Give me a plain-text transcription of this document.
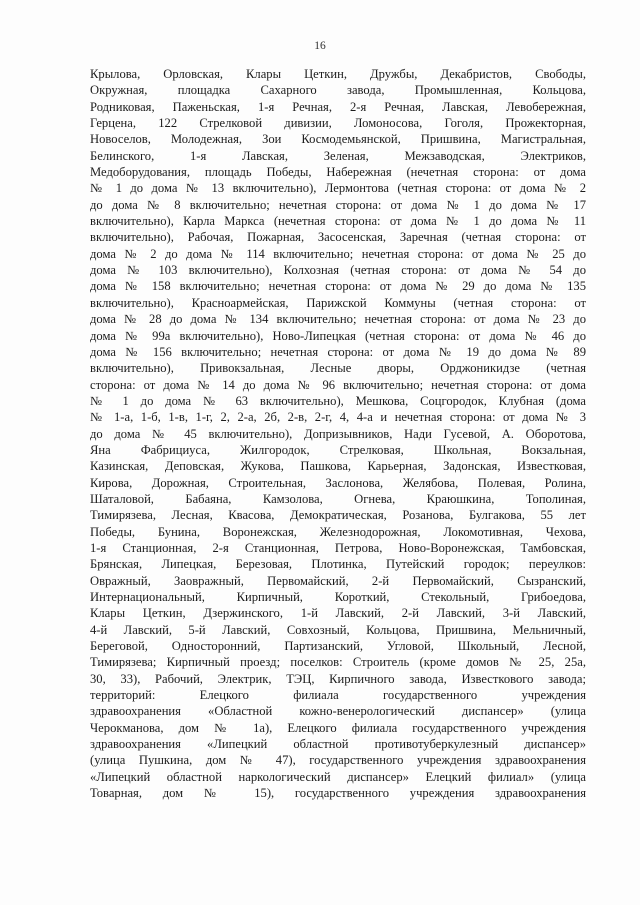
16
Крылова, Орловская, Клары Цеткин, Дружбы, Декабристов, Свободы,
Окружная, площадка Сахарного завода, Промышленная, Кольцова,
Родниковая, Паженьская, 1-я Речная, 2-я Речная, Лавская, Левобережная,
Герцена, 122 Стрелковой дивизии, Ломоносова, Гоголя, Прожекторная,
Новоселов, Молодежная, Зои Космодемьянской, Пришвина, Магистральная,
Белинского, 1-я Лавская, Зеленая, Межзаводская, Электриков,
Медоборудования, площадь Победы, Набережная (нечетная сторона: от дома
№ 1 до дома № 13 включительно), Лермонтова (четная сторона: от дома № 2
до дома № 8 включительно; нечетная сторона: от дома № 1 до дома № 17
включительно), Карла Маркса (нечетная сторона: от дома № 1 до дома № 11
включительно), Рабочая, Пожарная, Засосенская, Заречная (четная сторона: от
дома № 2 до дома № 114 включительно; нечетная сторона: от дома № 25 до
дома № 103 включительно), Колхозная (четная сторона: от дома № 54 до
дома № 158 включительно; нечетная сторона: от дома № 29 до дома № 135
включительно), Красноармейская, Парижской Коммуны (четная сторона: от
дома № 28 до дома № 134 включительно; нечетная сторона: от дома № 23 до
дома № 99а включительно), Ново-Липецкая (четная сторона: от дома № 46 до
дома № 156 включительно; нечетная сторона: от дома № 19 до дома № 89
включительно), Привокзальная, Лесные дворы, Орджоникидзе (четная
сторона: от дома № 14 до дома № 96 включительно; нечетная сторона: от дома
№ 1 до дома № 63 включительно), Мешкова, Соцгородок, Клубная (дома
№ 1-а, 1-б, 1-в, 1-г, 2, 2-а, 2б, 2-в, 2-г, 4, 4-а и нечетная сторона: от дома № 3
до дома № 45 включительно), Допризывников, Нади Гусевой, А. Оборотова,
Яна Фабрициуса, Жилгородок, Стрелковая, Школьная, Вокзальная,
Казинская, Деповская, Жукова, Пашкова, Карьерная, Задонская, Известковая,
Кирова, Дорожная, Строительная, Заслонова, Желябова, Полевая, Ролина,
Шаталовой, Бабаяна, Камзолова, Огнева, Краюшкина, Тополиная,
Тимирязева, Лесная, Квасова, Демократическая, Розанова, Булгакова, 55 лет
Победы, Бунина, Воронежская, Железнодорожная, Локомотивная, Чехова,
1-я Станционная, 2-я Станционная, Петрова, Ново-Воронежская, Тамбовская,
Брянская, Липецкая, Березовая, Плотинка, Путейский городок; переулков:
Овражный, Заовражный, Первомайский, 2-й Первомайский, Сызранский,
Интернациональный, Кирпичный, Короткий, Стекольный, Грибоедова,
Клары Цеткин, Дзержинского, 1-й Лавский, 2-й Лавский, 3-й Лавский,
4-й Лавский, 5-й Лавский, Совхозный, Кольцова, Пришвина, Мельничный,
Береговой, Односторонний, Партизанский, Угловой, Школьный, Лесной,
Тимирязева; Кирпичный проезд; поселков: Строитель (кроме домов № 25, 25а,
30, 33), Рабочий, Электрик, ТЭЦ, Кирпичного завода, Известкового завода;
территорий: Елецкого филиала государственного учреждения
здравоохранения «Областной кожно-венерологический диспансер» (улица
Черокманова, дом № 1а), Елецкого филиала государственного учреждения
здравоохранения «Липецкий областной противотуберкулезный диспансер»
(улица Пушкина, дом № 47), государственного учреждения здравоохранения
«Липецкий областной наркологический диспансер» Елецкий филиал» (улица
Товарная, дом № 15), государственного учреждения здравоохранения
